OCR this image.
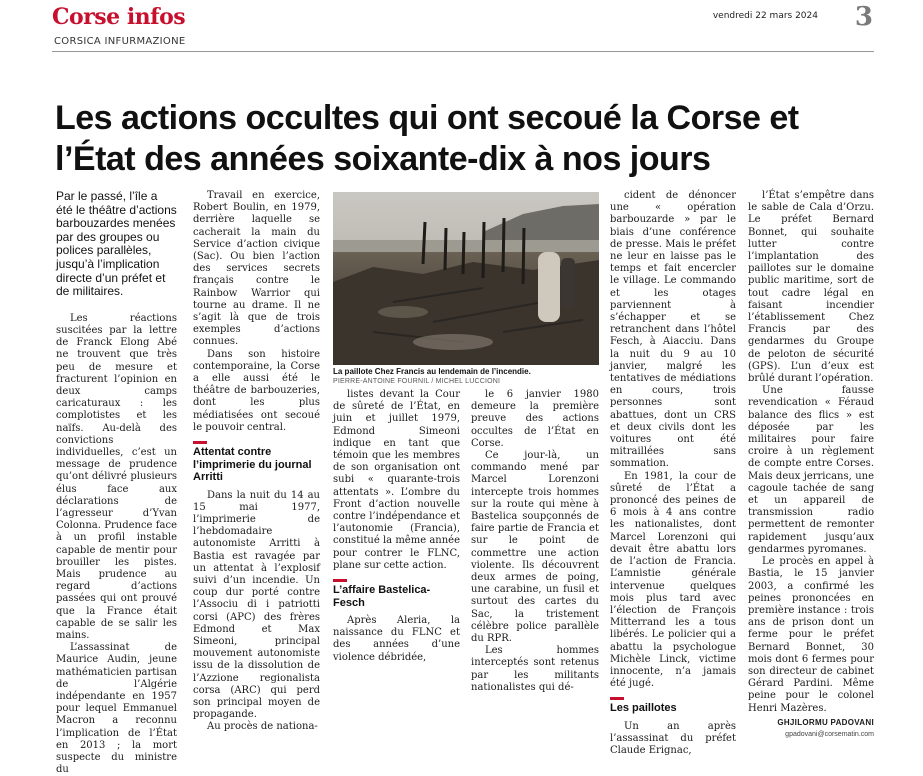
Corse infos
CORSICA INFURMAZIONE
vendredi 22 mars 2024 3
Les actions occultes qui ont secoué la Corse et l’État des années soixante-dix à nos jours
Par le passé, l’île a été le théâtre d’actions barbouzardes menées par des groupes ou polices parallèles, jusqu’à l’implication directe d’un préfet et de militaires.

Les réactions suscitées par la lettre de Franck Elong Abé ne trouvent que très peu de mesure et fracturent l’opinion en deux camps caricaturaux : les complotistes et les naïfs. Au-delà des convictions individuelles, c’est un message de prudence qu’ont délivré plusieurs élus face aux déclarations de l’agresseur d’Yvan Colonna. Prudence face à un profil instable capable de mentir pour brouiller les pistes. Mais prudence au regard d’actions passées qui ont prouvé que la France était capable de se salir les mains.

L’assassinat de Maurice Audin, jeune mathématicien partisan de l’Algérie indépendante en 1957 pour lequel Emmanuel Macron a reconnu l’implication de l’État en 2013 ; la mort suspecte du ministre du

Travail en exercice, Robert Boulin, en 1979, derrière laquelle se cacherait la main du Service d’action civique (Sac). Ou bien l’action des services secrets français contre le Rainbow Warrior qui tourne au drame. Il ne s’agit là que de trois exemples d’actions connues.

Dans son histoire contemporaine, la Corse a elle aussi été le théâtre de barbouzeries, dont les plus médiatisées ont secoué le pouvoir central.

Attentat contre l’imprimerie du journal Arritti

Dans la nuit du 14 au 15 mai 1977, l’imprimerie de l’hebdomadaire autonomiste Arritti à Bastia est ravagée par un attentat à l’explosif suivi d’un incendie. Un coup dur porté contre l’Associu di i patriotti corsi (APC) des frères Edmond et Max Simeoni, principal mouvement autonomiste issu de la dissolution de l’Azzione regionalista corsa (ARC) qui perd son principal moyen de propagande.

Au procès de nationa-

La paillote Chez Francis au lendemain de l’incendie.
PIERRE-ANTOINE FOURNIL / MICHEL LUCCIONI

listes devant la Cour de sûreté de l’État, en juin et juillet 1979, Edmond Simeoni indique en tant que témoin que les membres de son organisation ont subi « quarante-trois attentats ». L’ombre du Front d’action nouvelle contre l’indépendance et l’autonomie (Francia), constitué la même année pour contrer le FLNC, plane sur cette action.

L’affaire Bastelica-Fesch

Après Aleria, la naissance du FLNC et des années d’une violence débridée,

le 6 janvier 1980 demeure la première preuve des actions occultes de l’État en Corse.

Ce jour-là, un commando mené par Marcel Lorenzoni intercepte trois hommes sur la route qui mène à Bastelica soupçonnés de faire partie de Francia et sur le point de commettre une action violente. Ils découvrent deux armes de poing, une carabine, un fusil et surtout des cartes du Sac, la tristement célèbre police parallèle du RPR.

Les hommes interceptés sont retenus par les militants nationalistes qui dé-

cident de dénoncer une « opération barbouzarde » par le biais d’une conférence de presse. Mais le préfet ne leur en laisse pas le temps et fait encercler le village. Le commando et les otages parviennent à s’échapper et se retranchent dans l’hôtel Fesch, à Aiacciu. Dans la nuit du 9 au 10 janvier, malgré les tentatives de médiations en cours, trois personnes sont abattues, dont un CRS et deux civils dont les voitures ont été mitraillées sans sommation.

En 1981, la cour de sûreté de l’État a prononcé des peines de 6 mois à 4 ans contre les nationalistes, dont Marcel Lorenzoni qui devait être abattu lors de l’action de Francia. L’amnistie générale intervenue quelques mois plus tard avec l’élection de François Mitterrand les a tous libérés. Le policier qui a abattu la psychologue Michèle Linck, victime innocente, n’a jamais été jugé.

Les paillotes

Un an après l’assassinat du préfet Claude Erignac,

l’État s’empêtre dans le sable de Cala d’Orzu. Le préfet Bernard Bonnet, qui souhaite lutter contre l’implantation des paillotes sur le domaine public maritime, sort de tout cadre légal en faisant incendier l’établissement Chez Francis par des gendarmes du Groupe de peloton de sécurité (GPS). L’un d’eux est brûlé durant l’opération.

Une fausse revendication « Féraud balance des flics » est déposée par les militaires pour faire croire à un règlement de compte entre Corses. Mais deux jerricans, une cagoule tachée de sang et un appareil de transmission radio permettent de remonter rapidement jusqu’aux gendarmes pyromanes.

Le procès en appel à Bastia, le 15 janvier 2003, a confirmé les peines prononcées en première instance : trois ans de prison dont un ferme pour le préfet Bernard Bonnet, 30 mois dont 6 fermes pour son directeur de cabinet Gérard Pardini. Même peine pour le colonel Henri Mazères.

GHJILORMU PADOVANI
gpadovani@corsematin.com
